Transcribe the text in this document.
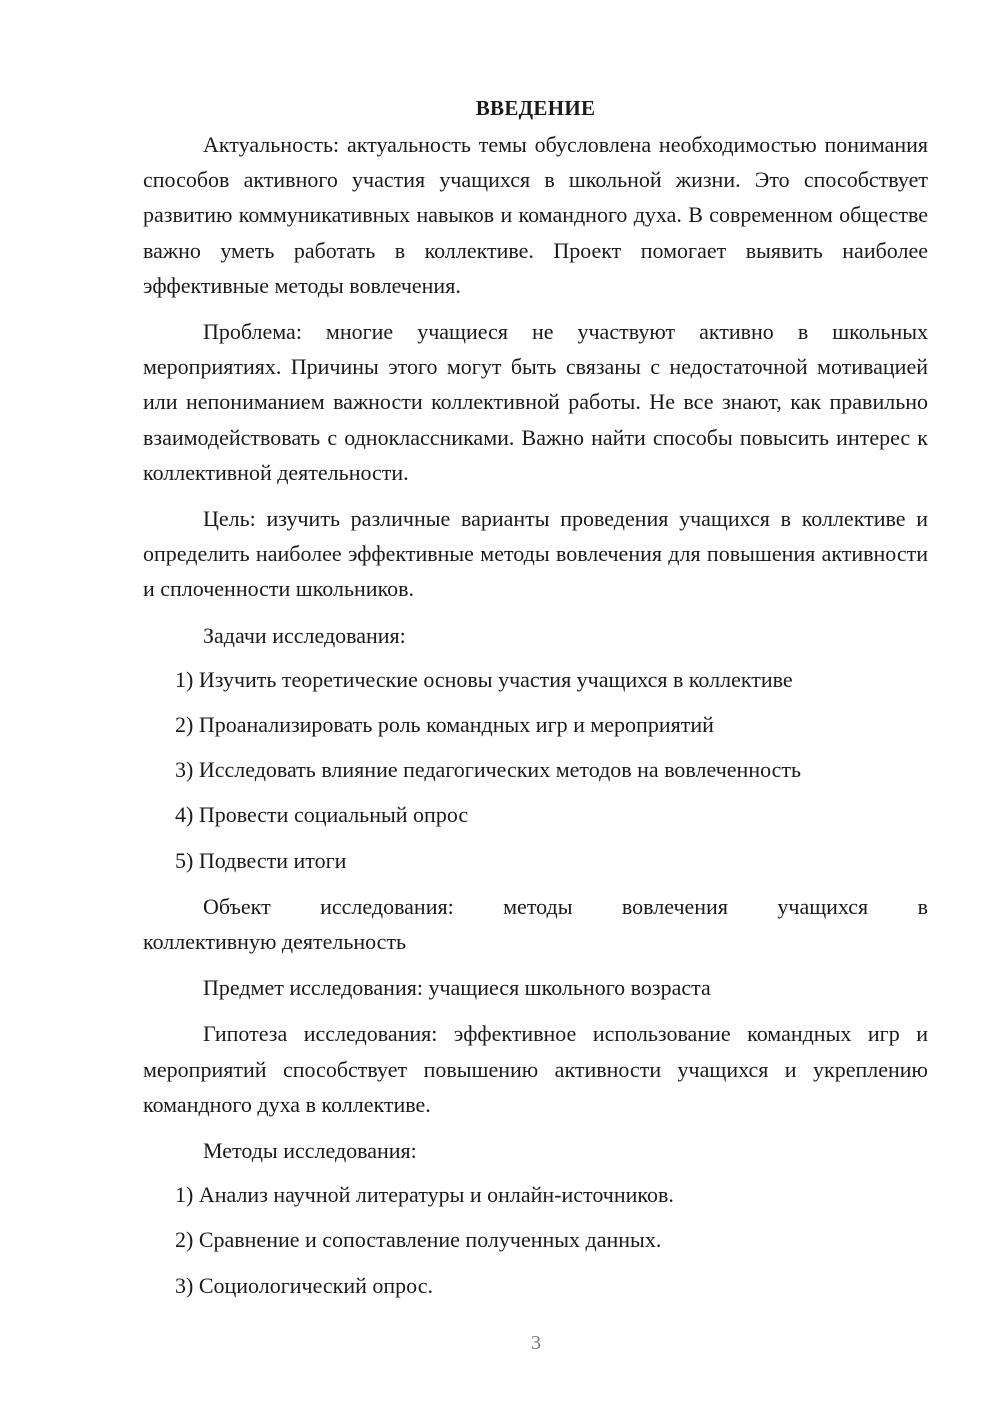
ВВЕДЕНИЕ

Актуальность: актуальность темы обусловлена необходимостью понимания способов активного участия учащихся в школьной жизни. Это способствует развитию коммуникативных навыков и командного духа. В современном обществе важно уметь работать в коллективе. Проект помогает выявить наиболее эффективные методы вовлечения.

Проблема: многие учащиеся не участвуют активно в школьных мероприятиях. Причины этого могут быть связаны с недостаточной мотивацией или непониманием важности коллективной работы. Не все знают, как правильно взаимодействовать с одноклассниками. Важно найти способы повысить интерес к коллективной деятельности.

Цель: изучить различные варианты проведения учащихся в коллективе и определить наиболее эффективные методы вовлечения для повышения активности и сплоченности школьников.

Задачи исследования:
1) Изучить теоретические основы участия учащихся в коллективе
2) Проанализировать роль командных игр и мероприятий
3) Исследовать влияние педагогических методов на вовлеченность
4) Провести социальный опрос
5) Подвести итоги
Объект исследования: методы вовлечения учащихся в
коллективную деятельность
Предмет исследования: учащиеся школьного возраста

Гипотеза исследования: эффективное использование командных игр и мероприятий способствует повышению активности учащихся и укреплению командного духа в коллективе.

Методы исследования:
1) Анализ научной литературы и онлайн-источников.
2) Сравнение и сопоставление полученных данных.
3) Социологический опрос.
3
